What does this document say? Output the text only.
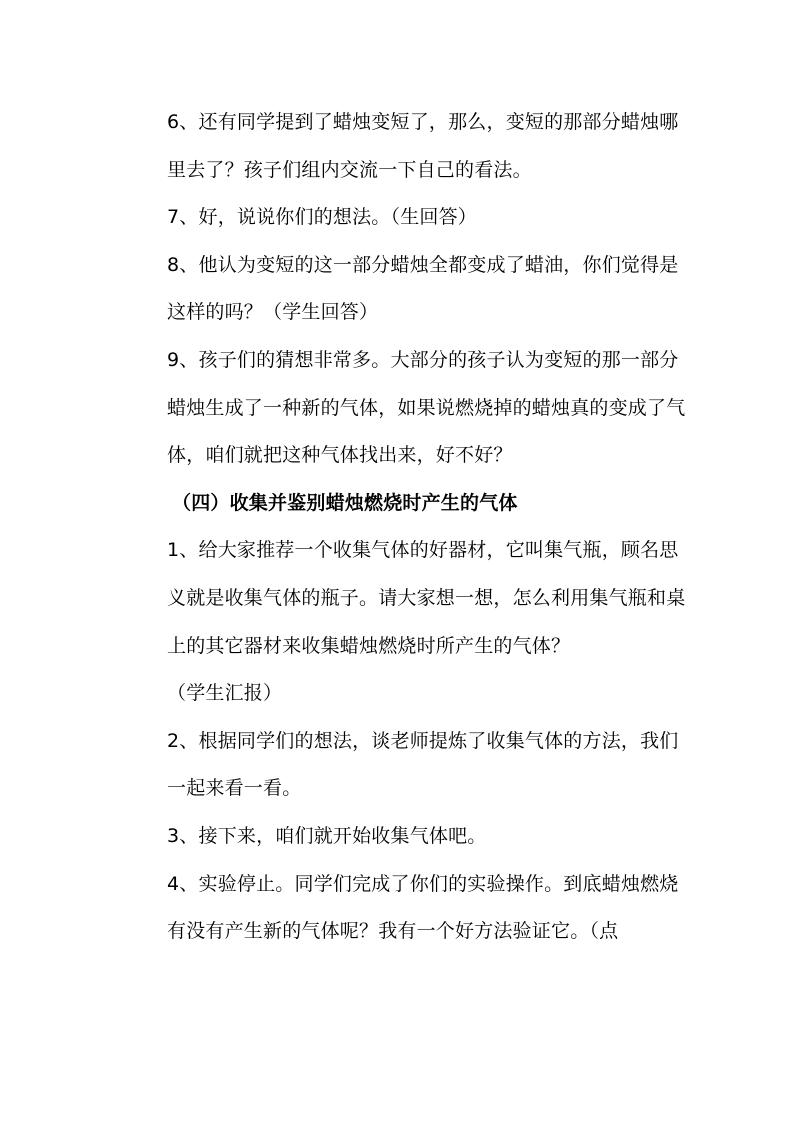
6、还有同学提到了蜡烛变短了，那么，变短的那部分蜡烛哪
里去了？孩子们组内交流一下自己的看法。
7、好，说说你们的想法。（生回答）
8、他认为变短的这一部分蜡烛全都变成了蜡油，你们觉得是
这样的吗？（学生回答）
9、孩子们的猜想非常多。大部分的孩子认为变短的那一部分
蜡烛生成了一种新的气体，如果说燃烧掉的蜡烛真的变成了气
体，咱们就把这种气体找出来，好不好？
（四）收集并鉴别蜡烛燃烧时产生的气体
1、给大家推荐一个收集气体的好器材，它叫集气瓶，顾名思
义就是收集气体的瓶子。请大家想一想，怎么利用集气瓶和桌
上的其它器材来收集蜡烛燃烧时所产生的气体？
（学生汇报）
2、根据同学们的想法，谈老师提炼了收集气体的方法，我们
一起来看一看。
3、接下来，咱们就开始收集气体吧。
4、实验停止。同学们完成了你们的实验操作。到底蜡烛燃烧
有没有产生新的气体呢？我有一个好方法验证它。（点
